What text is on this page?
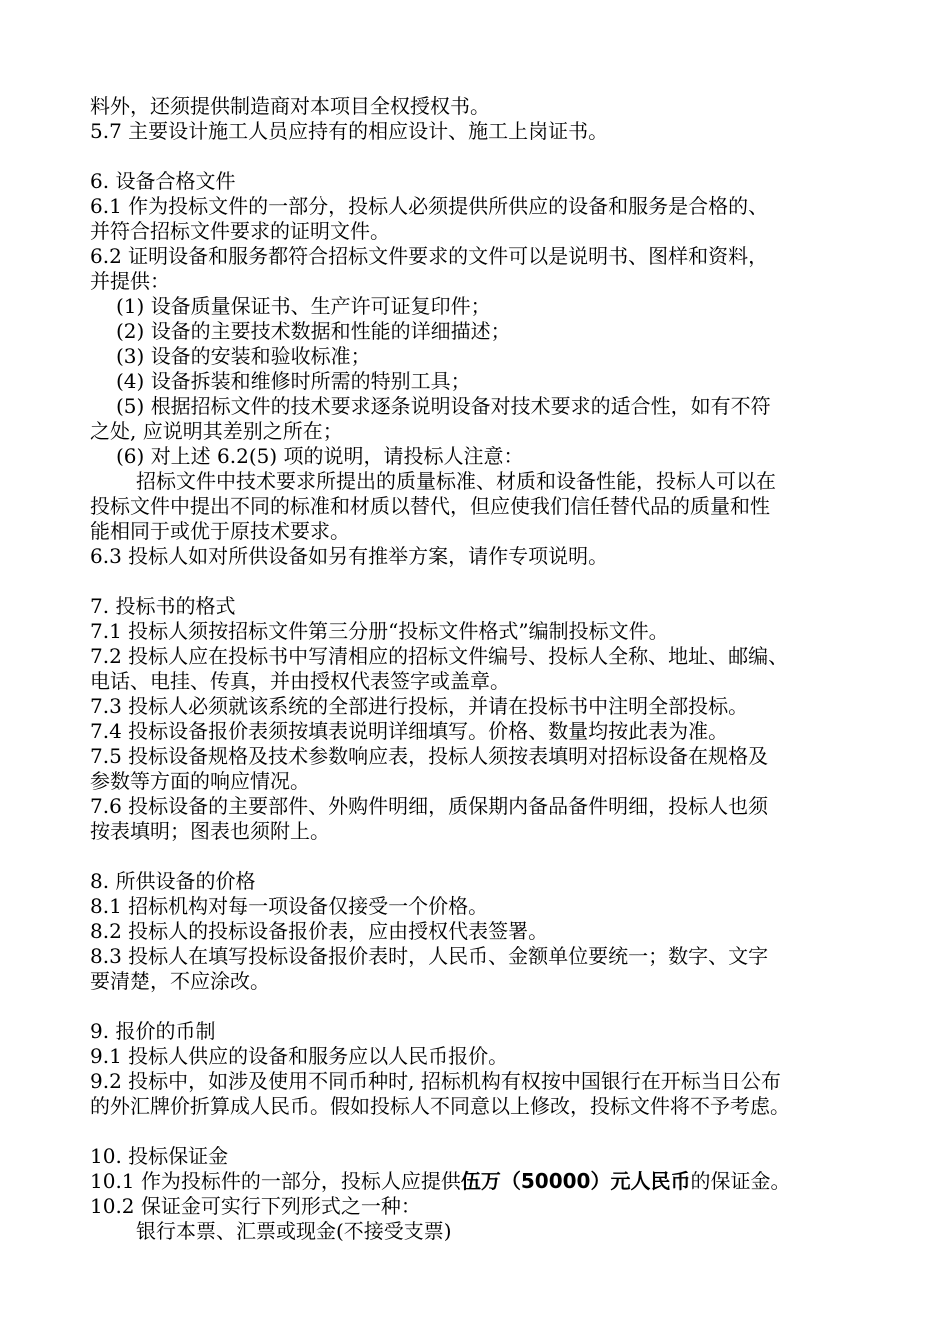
料外，还须提供制造商对本项目全权授权书。
5.7 主要设计施工人员应持有的相应设计、施工上岗证书。
6. 设备合格文件
6.1 作为投标文件的一部分，投标人必须提供所供应的设备和服务是合格的、
并符合招标文件要求的证明文件。
6.2 证明设备和服务都符合招标文件要求的文件可以是说明书、图样和资料，
并提供：
(1) 设备质量保证书、生产许可证复印件；
(2) 设备的主要技术数据和性能的详细描述；
(3) 设备的安装和验收标准；
(4) 设备拆装和维修时所需的特别工具；
(5) 根据招标文件的技术要求逐条说明设备对技术要求的适合性，如有不符
之处, 应说明其差别之所在；
(6) 对上述 6.2(5) 项的说明，请投标人注意：
招标文件中技术要求所提出的质量标准、材质和设备性能，投标人可以在
投标文件中提出不同的标准和材质以替代，但应使我们信任替代品的质量和性
能相同于或优于原技术要求。
6.3 投标人如对所供设备如另有推举方案，请作专项说明。
7. 投标书的格式
7.1 投标人须按招标文件第三分册“投标文件格式”编制投标文件。
7.2 投标人应在投标书中写清相应的招标文件编号、投标人全称、地址、邮编、
电话、电挂、传真，并由授权代表签字或盖章。
7.3 投标人必须就该系统的全部进行投标，并请在投标书中注明全部投标。
7.4 投标设备报价表须按填表说明详细填写。价格、数量均按此表为准。
7.5 投标设备规格及技术参数响应表，投标人须按表填明对招标设备在规格及
参数等方面的响应情况。
7.6 投标设备的主要部件、外购件明细，质保期内备品备件明细，投标人也须
按表填明；图表也须附上。
8. 所供设备的价格
8.1 招标机构对每一项设备仅接受一个价格。
8.2 投标人的投标设备报价表，应由授权代表签署。
8.3 投标人在填写投标设备报价表时，人民币、金额单位要统一；数字、文字
要清楚，不应涂改。
9. 报价的币制
9.1 投标人供应的设备和服务应以人民币报价。
9.2 投标中，如涉及使用不同币种时, 招标机构有权按中国银行在开标当日公布
的外汇牌价折算成人民币。假如投标人不同意以上修改，投标文件将不予考虑。
10. 投标保证金
10.1 作为投标件的一部分，投标人应提供伍万（50000）元人民币的保证金。
10.2 保证金可实行下列形式之一种：
银行本票、汇票或现金(不接受支票)
